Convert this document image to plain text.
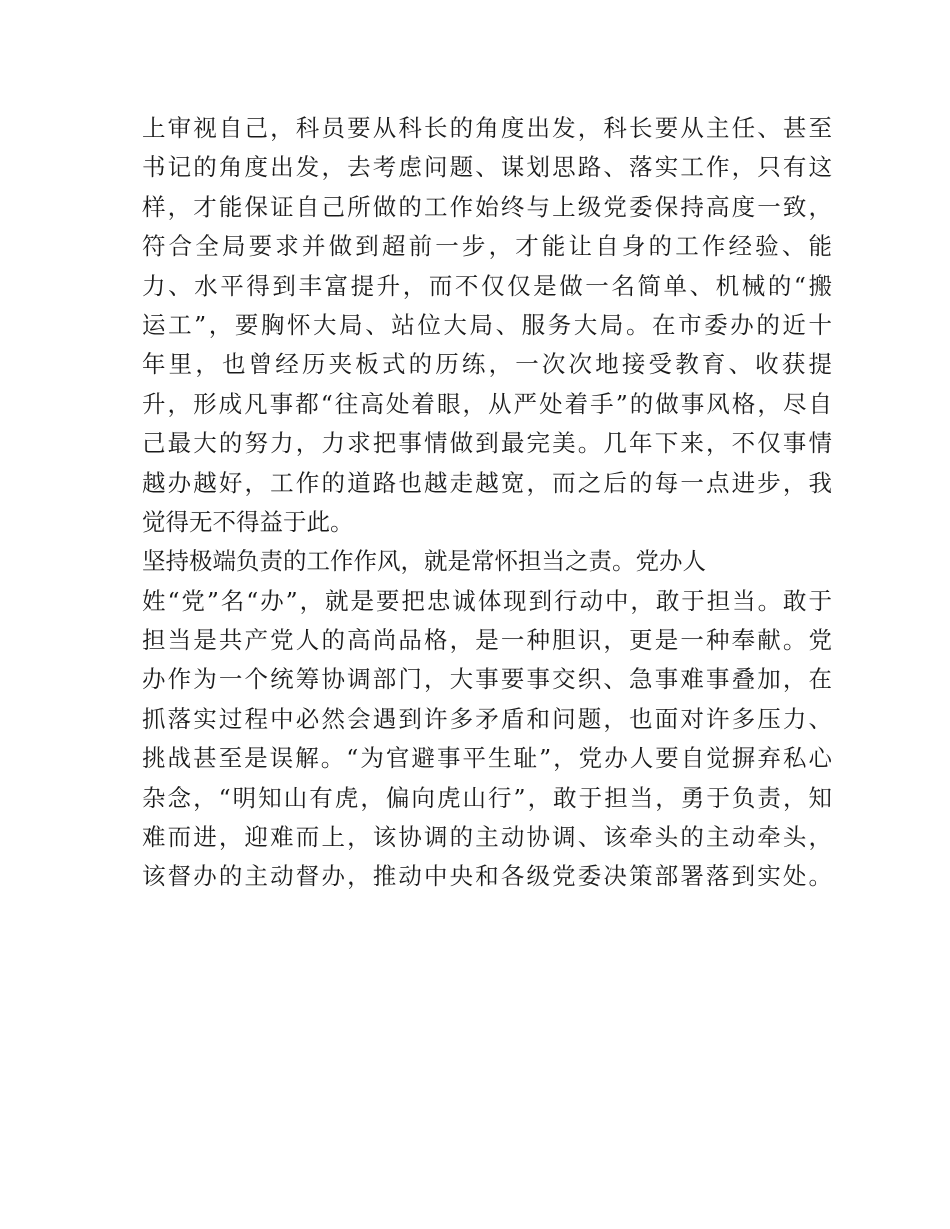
上审视自己，科员要从科长的角度出发，科长要从主任、甚至
书记的角度出发，去考虑问题、谋划思路、落实工作，只有这
样，才能保证自己所做的工作始终与上级党委保持高度一致，
符合全局要求并做到超前一步，才能让自身的工作经验、能
力、水平得到丰富提升，而不仅仅是做一名简单、机械的“搬
运工”，要胸怀大局、站位大局、服务大局。在市委办的近十
年里，也曾经历夹板式的历练，一次次地接受教育、收获提
升，形成凡事都“往高处着眼，从严处着手”的做事风格，尽自
己最大的努力，力求把事情做到最完美。几年下来，不仅事情
越办越好，工作的道路也越走越宽，而之后的每一点进步，我
觉得无不得益于此。
坚持极端负责的工作作风，就是常怀担当之责。党办人
姓“党”名“办”，就是要把忠诚体现到行动中，敢于担当。敢于
担当是共产党人的高尚品格，是一种胆识，更是一种奉献。党
办作为一个统筹协调部门，大事要事交织、急事难事叠加，在
抓落实过程中必然会遇到许多矛盾和问题，也面对许多压力、
挑战甚至是误解。“为官避事平生耻”，党办人要自觉摒弃私心
杂念，“明知山有虎，偏向虎山行”，敢于担当，勇于负责，知
难而进，迎难而上，该协调的主动协调、该牵头的主动牵头，
该督办的主动督办，推动中央和各级党委决策部署落到实处。
